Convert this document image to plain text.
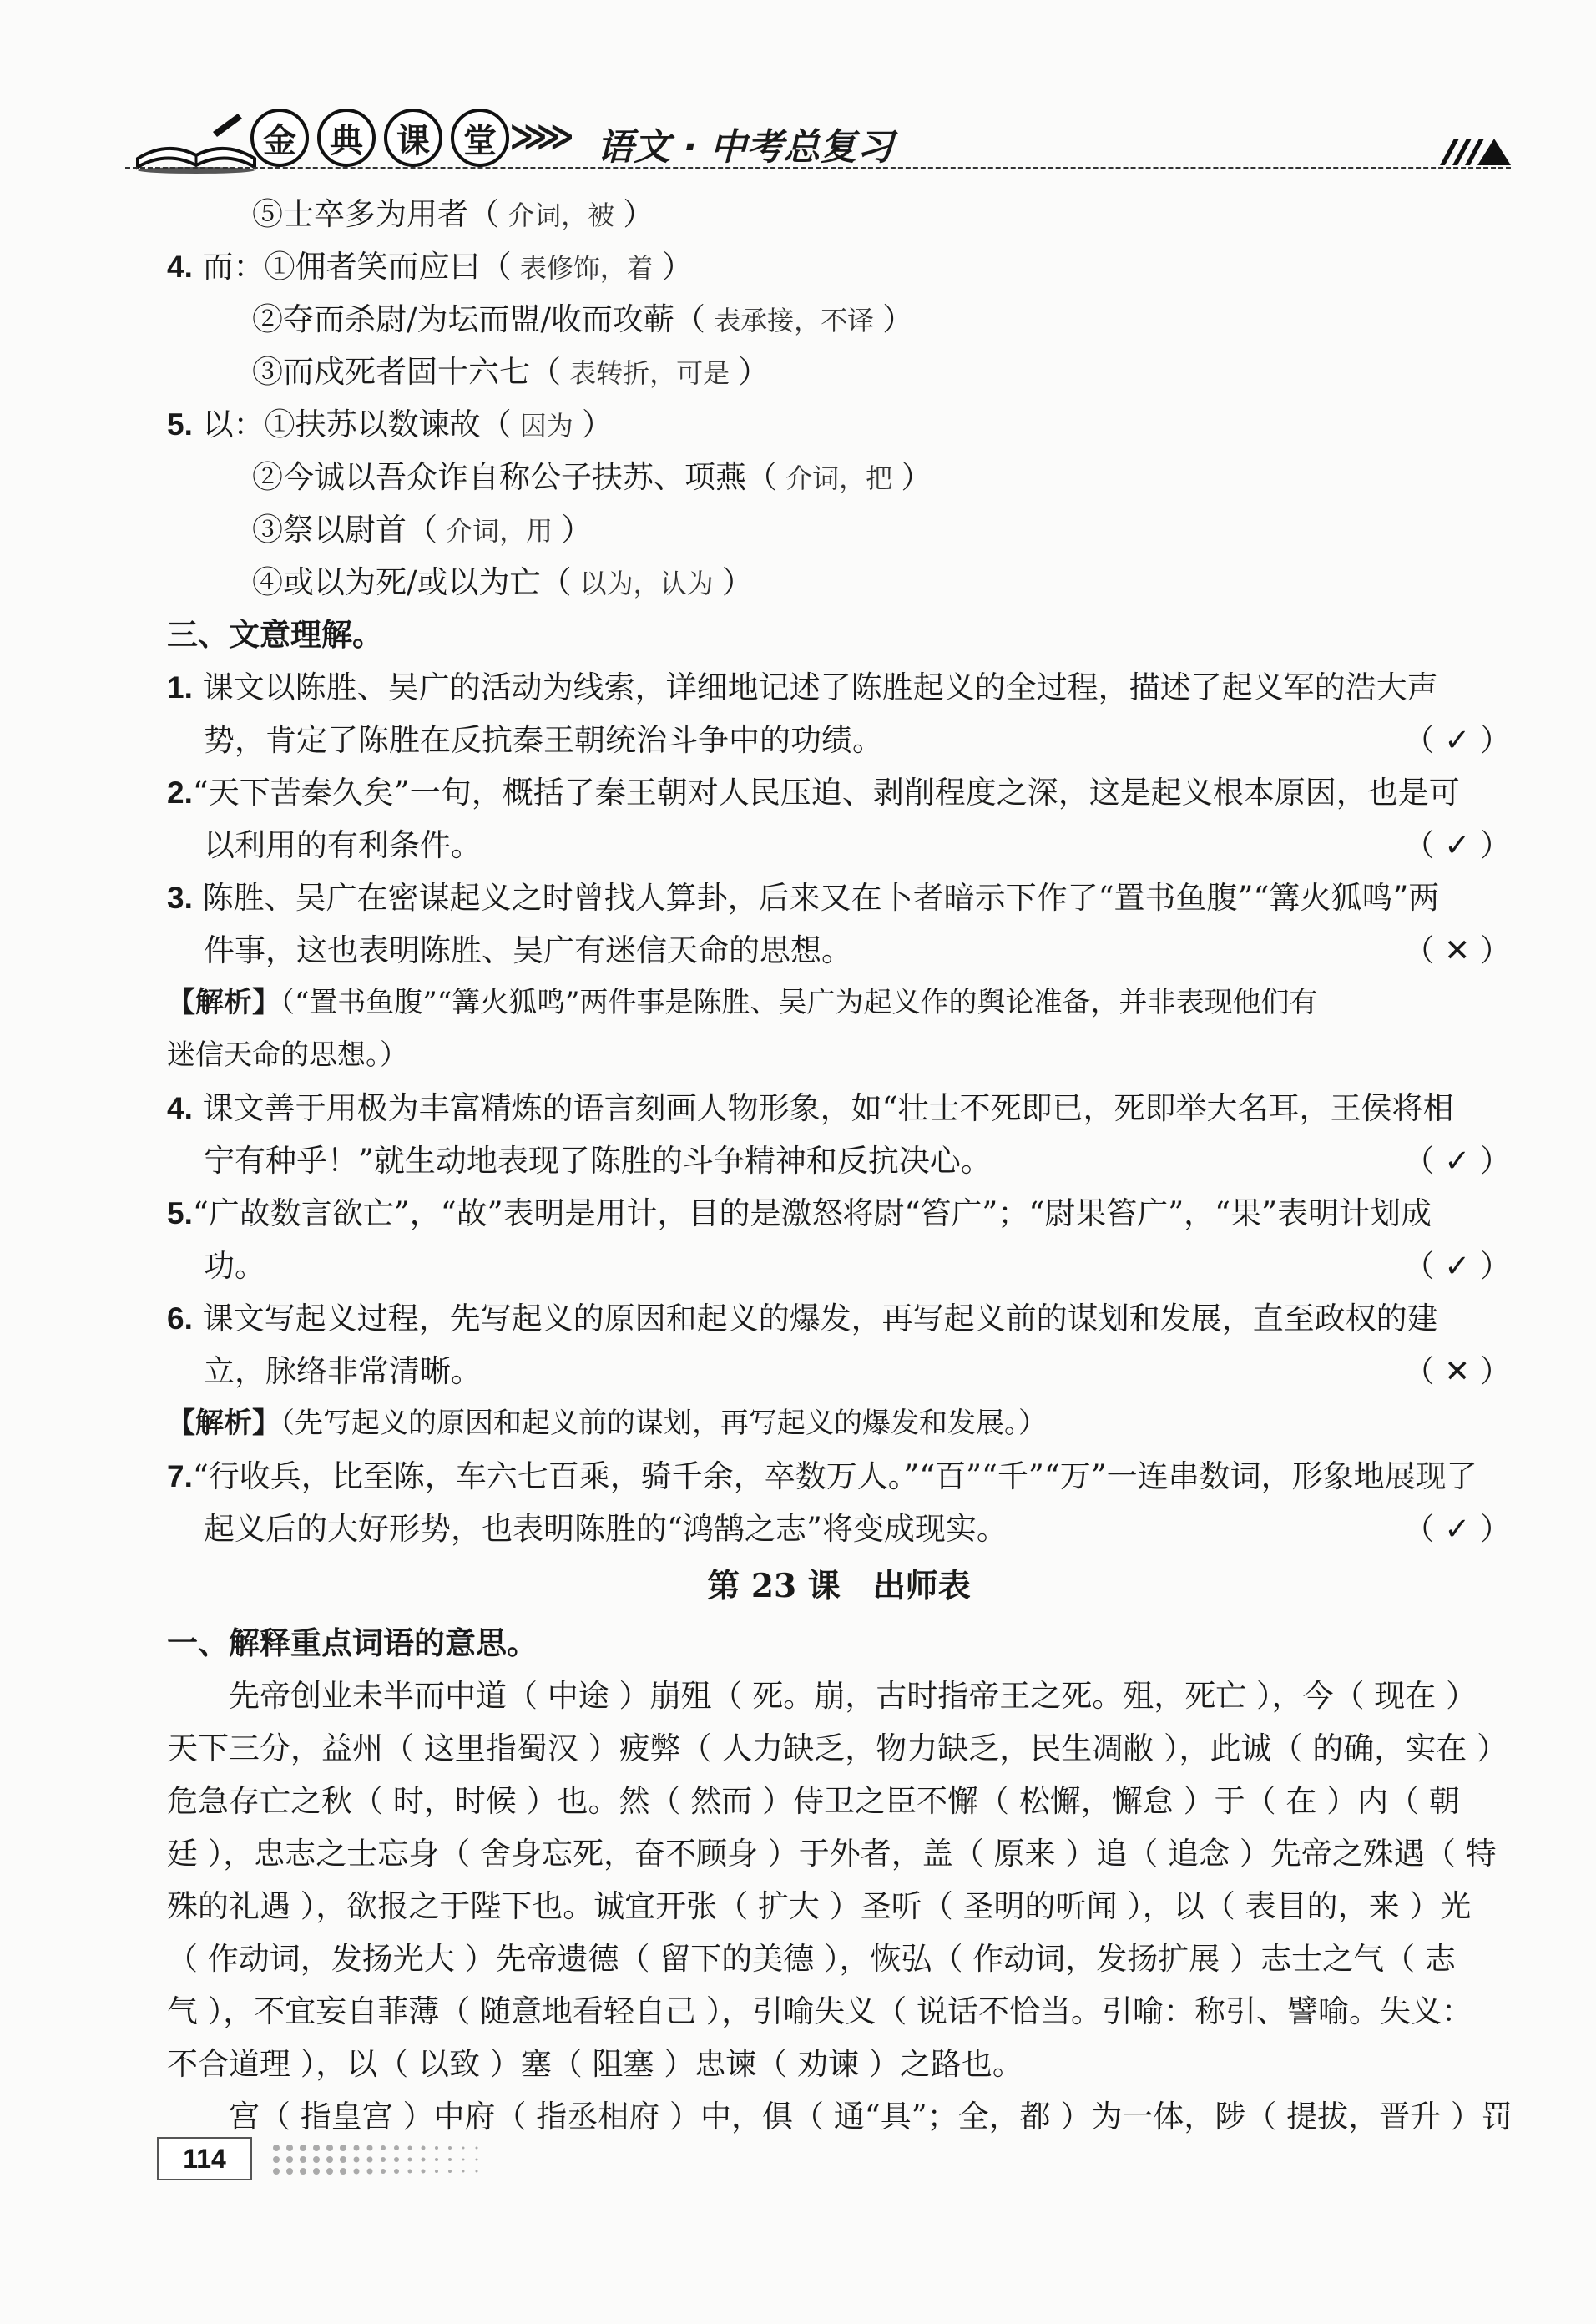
金	典	课	堂 ≫≫ 语文 · 中考总复习
⑤士卒多为用者（ 介词，被 ）
4. 而：①佣者笑而应曰（ 表修饰，着 ）
②夺而杀尉/为坛而盟/收而攻蕲（ 表承接，不译 ）
③而戍死者固十六七（ 表转折，可是 ）
5. 以：①扶苏以数谏故（ 因为 ）
②今诚以吾众诈自称公子扶苏、项燕（ 介词，把 ）
③祭以尉首（ 介词，用 ）
④或以为死/或以为亡（ 以为，认为 ）
三、文意理解。
1. 课文以陈胜、吴广的活动为线索，详细地记述了陈胜起义的全过程，描述了起义军的浩大声
势，肯定了陈胜在反抗秦王朝统治斗争中的功绩。	（ ✓ ）
2.“天下苦秦久矣”一句，概括了秦王朝对人民压迫、剥削程度之深，这是起义根本原因，也是可
以利用的有利条件。	（ ✓ ）
3. 陈胜、吴广在密谋起义之时曾找人算卦，后来又在卜者暗示下作了“置书鱼腹”“篝火狐鸣”两
件事，这也表明陈胜、吴广有迷信天命的思想。	（ ✕ ）
【解析】（“置书鱼腹”“篝火狐鸣”两件事是陈胜、吴广为起义作的舆论准备，并非表现他们有
迷信天命的思想。）
4. 课文善于用极为丰富精炼的语言刻画人物形象，如“壮士不死即已，死即举大名耳，王侯将相
宁有种乎！”就生动地表现了陈胜的斗争精神和反抗决心。	（ ✓ ）
5.“广故数言欲亡”，“故”表明是用计，目的是激怒将尉“笞广”；“尉果笞广”，“果”表明计划成
功。	（ ✓ ）
6. 课文写起义过程，先写起义的原因和起义的爆发，再写起义前的谋划和发展，直至政权的建
立，脉络非常清晰。	（ ✕ ）
【解析】（先写起义的原因和起义前的谋划，再写起义的爆发和发展。）
7.“行收兵，比至陈，车六七百乘，骑千余，卒数万人。”“百”“千”“万”一连串数词，形象地展现了
起义后的大好形势，也表明陈胜的“鸿鹄之志”将变成现实。	（ ✓ ）
第 23 课　出师表
一、解释重点词语的意思。
　　先帝创业未半而中道（ 中途 ）崩殂（ 死。崩，古时指帝王之死。殂，死亡 ），今（ 现在 ）
天下三分，益州（ 这里指蜀汉 ）疲弊（ 人力缺乏，物力缺乏，民生凋敝 ），此诚（ 的确，实在 ）
危急存亡之秋（ 时，时候 ）也。然（ 然而 ）侍卫之臣不懈（ 松懈，懈怠 ）于（ 在 ）内（ 朝
廷 ），忠志之士忘身（ 舍身忘死，奋不顾身 ）于外者，盖（ 原来 ）追（ 追念 ）先帝之殊遇（ 特
殊的礼遇 ），欲报之于陛下也。诚宜开张（ 扩大 ）圣听（ 圣明的听闻 ），以（ 表目的，来 ）光
（ 作动词，发扬光大 ）先帝遗德（ 留下的美德 ），恢弘（ 作动词，发扬扩展 ）志士之气（ 志
气 ），不宜妄自菲薄（ 随意地看轻自己 ），引喻失义（ 说话不恰当。引喻：称引、譬喻。失义：
不合道理 ），以（ 以致 ）塞（ 阻塞 ）忠谏（ 劝谏 ）之路也。
　　宫（ 指皇宫 ）中府（ 指丞相府 ）中，俱（ 通“具”；全，都 ）为一体，陟（ 提拔，晋升 ）罚
114
